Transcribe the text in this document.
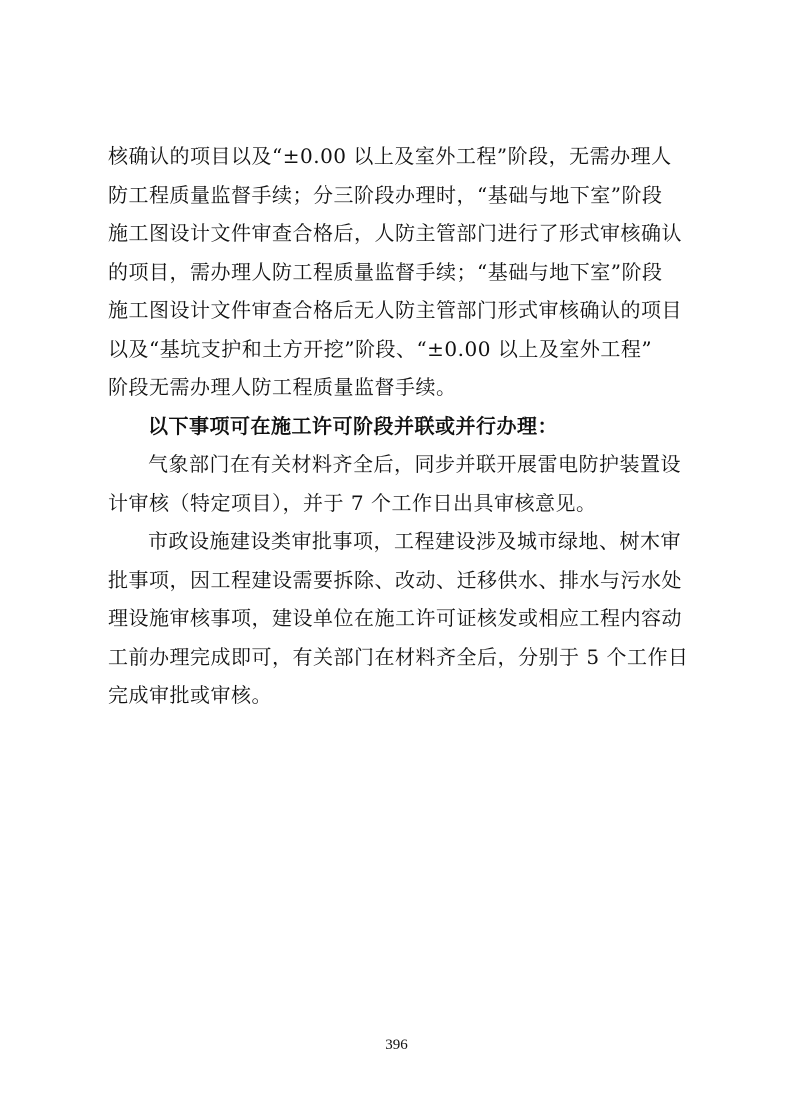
核确认的项目以及“±0.00 以上及室外工程”阶段，无需办理人
防工程质量监督手续；分三阶段办理时，“基础与地下室”阶段
施工图设计文件审查合格后，人防主管部门进行了形式审核确认
的项目，需办理人防工程质量监督手续；“基础与地下室”阶段
施工图设计文件审查合格后无人防主管部门形式审核确认的项目
以及“基坑支护和土方开挖”阶段、“±0.00 以上及室外工程”
阶段无需办理人防工程质量监督手续。
以下事项可在施工许可阶段并联或并行办理：
气象部门在有关材料齐全后，同步并联开展雷电防护装置设
计审核（特定项目），并于 7 个工作日出具审核意见。
市政设施建设类审批事项，工程建设涉及城市绿地、树木审
批事项，因工程建设需要拆除、改动、迁移供水、排水与污水处
理设施审核事项，建设单位在施工许可证核发或相应工程内容动
工前办理完成即可，有关部门在材料齐全后，分别于 5 个工作日
完成审批或审核。
396
